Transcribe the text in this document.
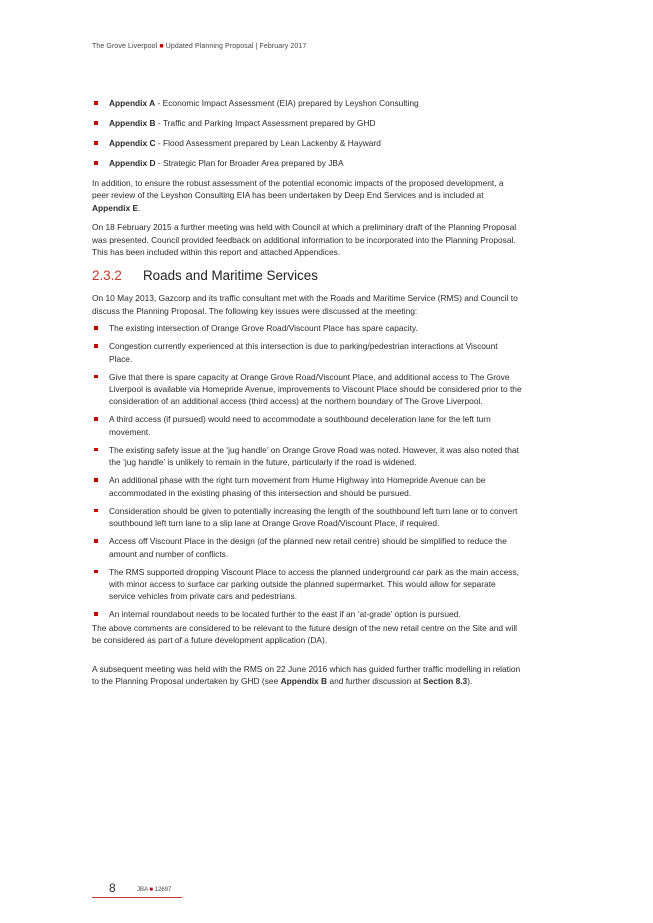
The Grove Liverpool ■ Updated Planning Proposal | February 2017
Appendix A - Economic Impact Assessment (EIA) prepared by Leyshon Consulting
Appendix B - Traffic and Parking Impact Assessment prepared by GHD
Appendix C - Flood Assessment prepared by Lean Lackenby & Hayward
Appendix D - Strategic Plan for Broader Area prepared by JBA

In addition, to ensure the robust assessment of the potential economic impacts of the proposed development, a peer review of the Leyshon Consulting EIA has been undertaken by Deep End Services and is included at Appendix E.

On 18 February 2015 a further meeting was held with Council at which a preliminary draft of the Planning Proposal was presented. Council provided feedback on additional information to be incorporated into the Planning Proposal. This has been included within this report and attached Appendices.

2.3.2 Roads and Maritime Services

On 10 May 2013, Gazcorp and its traffic consultant met with the Roads and Maritime Service (RMS) and Council to discuss the Planning Proposal. The following key issues were discussed at the meeting:

The existing intersection of Orange Grove Road/Viscount Place has spare capacity.
Congestion currently experienced at this intersection is due to parking/pedestrian interactions at Viscount Place.
Give that there is spare capacity at Orange Grove Road/Viscount Place, and additional access to The Grove Liverpool is available via Homepride Avenue, improvements to Viscount Place should be considered prior to the consideration of an additional access (third access) at the northern boundary of The Grove Liverpool.
A third access (if pursued) would need to accommodate a southbound deceleration lane for the left turn movement.
The existing safety issue at the ‘jug handle’ on Orange Grove Road was noted. However, it was also noted that the ‘jug handle’ is unlikely to remain in the future, particularly if the road is widened.
An additional phase with the right turn movement from Hume Highway into Homepride Avenue can be accommodated in the existing phasing of this intersection and should be pursued.
Consideration should be given to potentially increasing the length of the southbound left turn lane or to convert southbound left turn lane to a slip lane at Orange Grove Road/Viscount Place, if required.
Access off Viscount Place in the design (of the planned new retail centre) should be simplified to reduce the amount and number of conflicts.
The RMS supported dropping Viscount Place to access the planned underground car park as the main access, with minor access to surface car parking outside the planned supermarket. This would allow for separate service vehicles from private cars and pedestrians.
An internal roundabout needs to be located further to the east if an ‘at-grade’ option is pursued.

The above comments are considered to be relevant to the future design of the new retail centre on the Site and will be considered as part of a future development application (DA).

A subsequent meeting was held with the RMS on 22 June 2016 which has guided further traffic modelling in relation to the Planning Proposal undertaken by GHD (see Appendix B and further discussion at Section 8.3).

8	JBA ■ 12697
